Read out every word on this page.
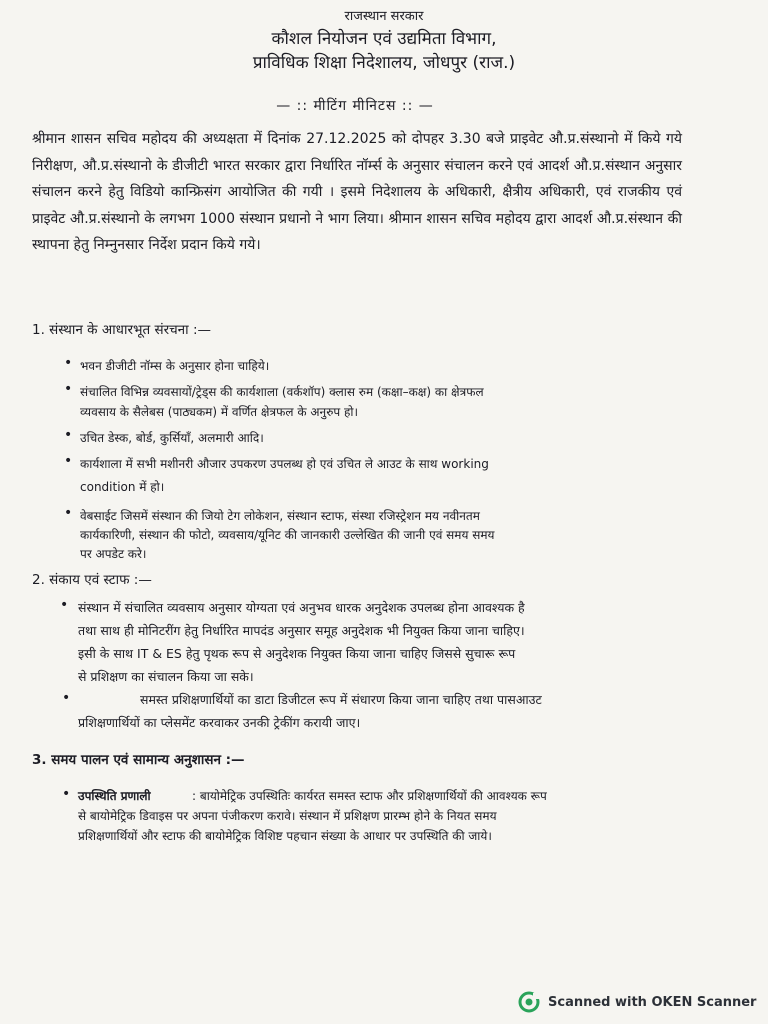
राजस्थान सरकार
कौशल नियोजन एवं उद्यमिता विभाग,
प्राविधिक शिक्षा निदेशालय, जोधपुर (राज.)
— :: मीटिंग मीनिटस :: —
श्रीमान शासन सचिव महोदय की अध्यक्षता में दिनांक 27.12.2025 को दोपहर 3.30 बजे प्राइवेट औ.प्र.संस्थानो में किये गये निरीक्षण, औ.प्र.संस्थानो के डीजीटी भारत सरकार द्वारा निर्धारित नॉर्म्स के अनुसार संचालन करने एवं आदर्श औ.प्र.संस्थान अनुसार संचालन करने हेतु विडियो कान्फ्रिसंग आयोजित की गयी । इसमे निदेशालय के अधिकारी, क्षैत्रीय अधिकारी, एवं राजकीय एवं प्राइवेट औ.प्र.संस्थानो के लगभग 1000 संस्थान प्रधानो ने भाग लिया। श्रीमान शासन सचिव महोदय द्वारा आदर्श औ.प्र.संस्थान की स्थापना हेतु निम्नुनसार निर्देश प्रदान किये गये।
1. संस्थान के आधारभूत संरचना :—
• भवन डीजीटी नॉम्स के अनुसार होना चाहिये।
• संचालित विभिन्न व्यवसायों/ट्रेड्स की कार्यशाला (वर्कशॉप) क्लास रुम (कक्षा–कक्ष) का क्षेत्रफल
व्यवसाय के सैलेबस (पाठ्यकम) में वर्णित क्षेत्रफल के अनुरुप हो।
• उचित डेस्क, बोर्ड, कुर्सियाँ, अलमारी आदि।
• कार्यशाला में सभी मशीनरी औजार उपकरण उपलब्ध हो एवं उचित ले आउट के साथ working
condition में हो।
• वेबसाईट जिसमें संस्थान की जियो टेग लोकेशन, संस्थान स्टाफ, संस्था रजिस्ट्रेशन मय नवीनतम
कार्यकारिणी, संस्थान की फोटो, व्यवसाय/यूनिट की जानकारी उल्लेखित की जानी एवं समय समय
पर अपडेट करे।
2. संकाय एवं स्टाफ :—
• संस्थान में संचालित व्यवसाय अनुसार योग्यता एवं अनुभव धारक अनुदेशक उपलब्ध होना आवश्यक है
तथा साथ ही मोनिटरींग हेतु निर्धारित मापदंड अनुसार समूह अनुदेशक भी नियुक्त किया जाना चाहिए।
इसी के साथ IT & ES हेतु पृथक रूप से अनुदेशक नियुक्त किया जाना चाहिए जिससे सुचारू रूप
से प्रशिक्षण का संचालन किया जा सके।
•	समस्त प्रशिक्षणार्थियों का डाटा डिजीटल रूप में संधारण किया जाना चाहिए तथा पासआउट
प्रशिक्षणार्थियों का प्लेसमेंट करवाकर उनकी ट्रेकींग करायी जाए।
3. समय पालन एवं सामान्य अनुशासन :—
• उपस्थिति प्रणाली	: बायोमेट्रिक उपस्थितिः कार्यरत समस्त स्टाफ और प्रशिक्षणार्थियों की आवश्यक रूप
से बायोमेट्रिक डिवाइस पर अपना पंजीकरण करावे। संस्थान में प्रशिक्षण प्रारम्भ होने के नियत समय
प्रशिक्षणार्थियों और स्टाफ की बायोमेट्रिक विशिष्ट पहचान संख्या के आधार पर उपस्थिति की जाये।
Scanned with OKEN Scanner
